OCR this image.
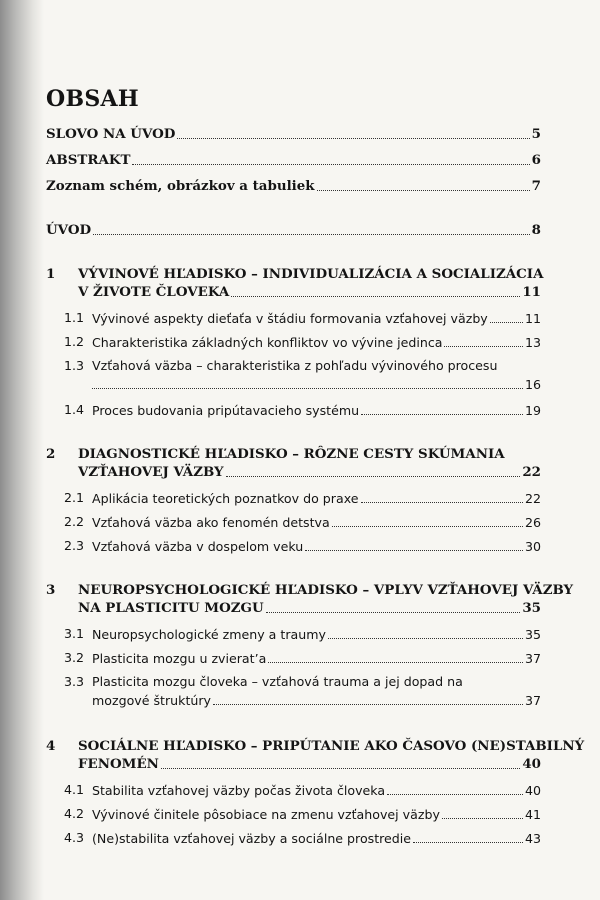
OBSAH
SLOVO NA ÚVOD	5
ABSTRAKT	6
Zoznam schém, obrázkov a tabuliek	7
ÚVOD	8
1 VÝVINOVÉ HĽADISKO – INDIVIDUALIZÁCIA A SOCIALIZÁCIA
V ŽIVOTE ČLOVEKA	11
1.1 Vývinové aspekty dieťaťa v štádiu formovania vzťahovej väzby	11
1.2 Charakteristika základných konfliktov vo vývine jedinca	13
1.3 Vzťahová väzba – charakteristika z pohľadu vývinového procesu
16
1.4 Proces budovania pripútavacieho systému	19
2 DIAGNOSTICKÉ HĽADISKO – RÔZNE CESTY SKÚMANIA
VZŤAHOVEJ VÄZBY	22
2.1 Aplikácia teoretických poznatkov do praxe	22
2.2 Vzťahová väzba ako fenomén detstva	26
2.3 Vzťahová väzba v dospelom veku	30
3 NEUROPSYCHOLOGICKÉ HĽADISKO – VPLYV VZŤAHOVEJ VÄZBY
NA PLASTICITU MOZGU	35
3.1 Neuropsychologické zmeny a traumy	35
3.2 Plasticita mozgu u zvierat’a	37
3.3 Plasticita mozgu človeka – vzťahová trauma a jej dopad na
mozgové štruktúry	37
4 SOCIÁLNE HĽADISKO – PRIPÚTANIE AKO ČASOVO (NE)STABILNÝ
FENOMÉN	40
4.1 Stabilita vzťahovej väzby počas života človeka	40
4.2 Vývinové činitele pôsobiace na zmenu vzťahovej väzby	41
4.3 (Ne)stabilita vzťahovej väzby a sociálne prostredie	43
